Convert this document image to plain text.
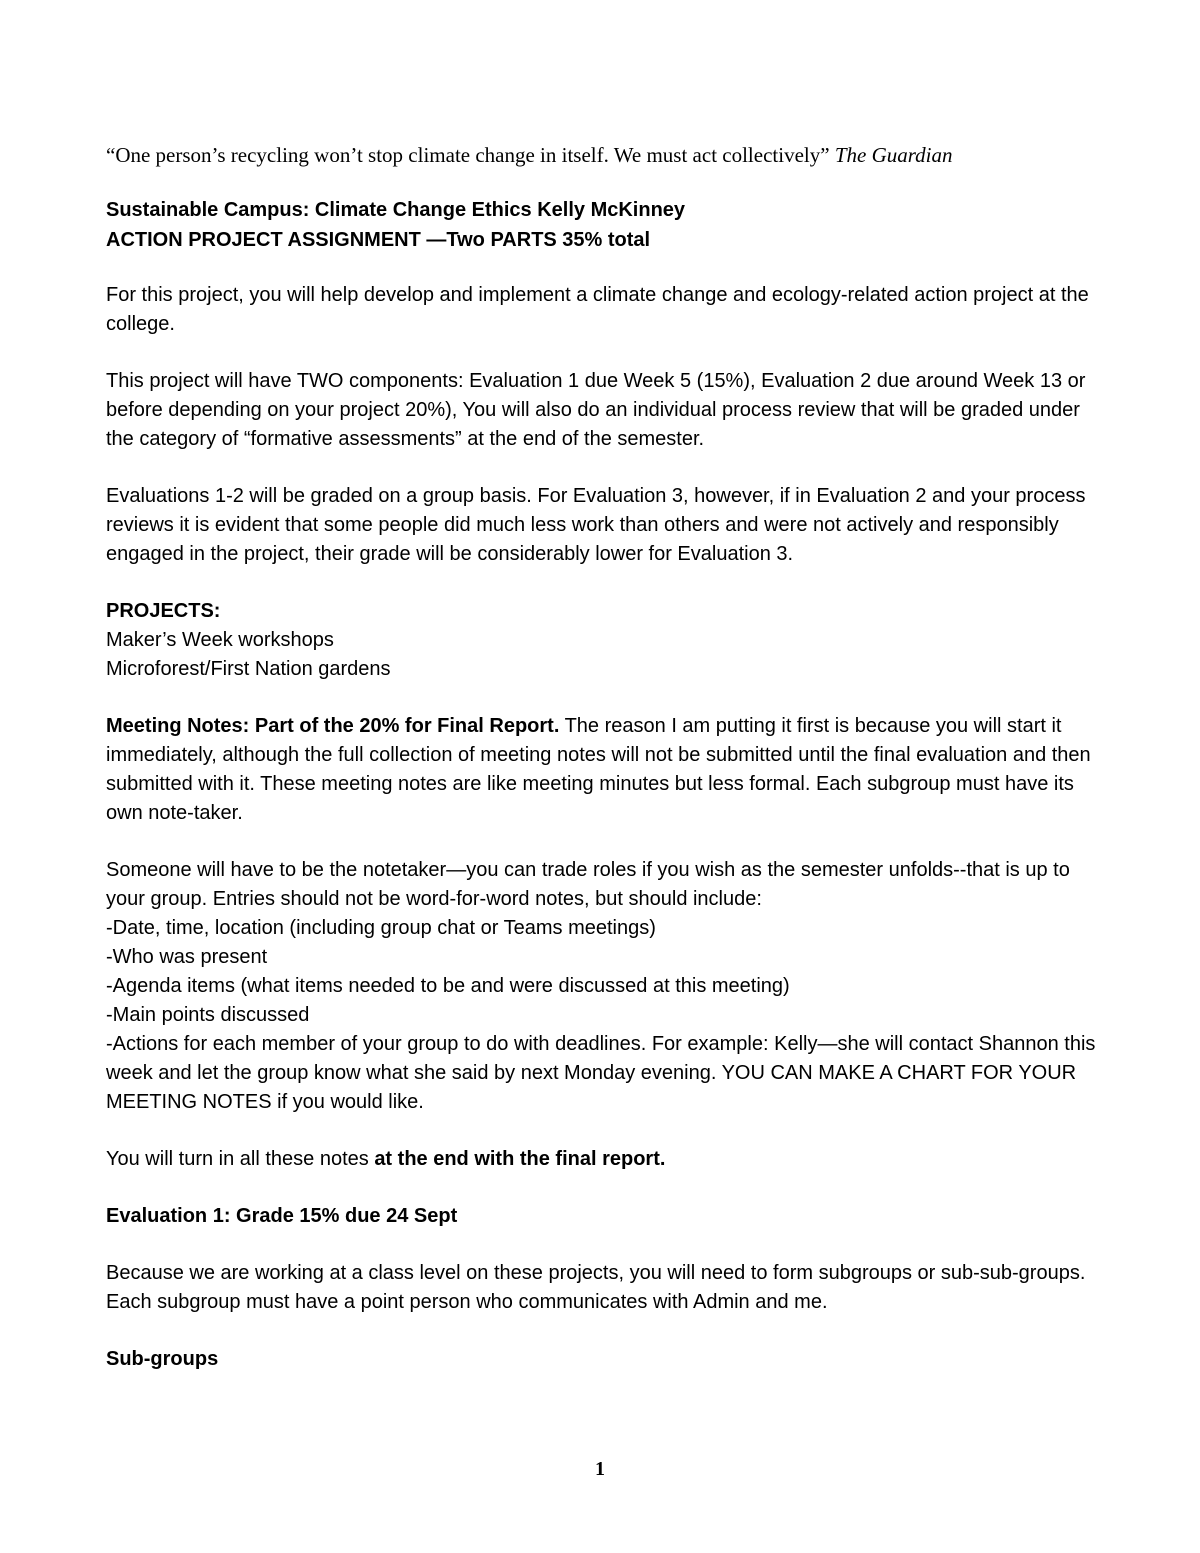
“One person’s recycling won’t stop climate change in itself. We must act collectively” The Guardian
Sustainable Campus: Climate Change Ethics Kelly McKinney
ACTION PROJECT ASSIGNMENT —Two PARTS 35% total

For this project, you will help develop and implement a climate change and ecology-related action project at the college.

This project will have TWO components: Evaluation 1 due Week 5 (15%), Evaluation 2 due around Week 13 or before depending on your project 20%), You will also do an individual process review that will be graded under the category of “formative assessments” at the end of the semester.

Evaluations 1-2 will be graded on a group basis. For Evaluation 3, however, if in Evaluation 2 and your process reviews it is evident that some people did much less work than others and were not actively and responsibly engaged in the project, their grade will be considerably lower for Evaluation 3.

PROJECTS:
Maker’s Week workshops
Microforest/First Nation gardens

Meeting Notes: Part of the 20% for Final Report. The reason I am putting it first is because you will start it immediately, although the full collection of meeting notes will not be submitted until the final evaluation and then submitted with it. These meeting notes are like meeting minutes but less formal. Each subgroup must have its own note-taker.

Someone will have to be the notetaker—you can trade roles if you wish as the semester unfolds--that is up to your group. Entries should not be word-for-word notes, but should include:
-Date, time, location (including group chat or Teams meetings)
-Who was present
-Agenda items (what items needed to be and were discussed at this meeting)
-Main points discussed
-Actions for each member of your group to do with deadlines. For example: Kelly—she will contact Shannon this week and let the group know what she said by next Monday evening. YOU CAN MAKE A CHART FOR YOUR MEETING NOTES if you would like.

You will turn in all these notes at the end with the final report.

Evaluation 1: Grade 15% due 24 Sept

Because we are working at a class level on these projects, you will need to form subgroups or sub-sub-groups. Each subgroup must have a point person who communicates with Admin and me.

Sub-groups

1
